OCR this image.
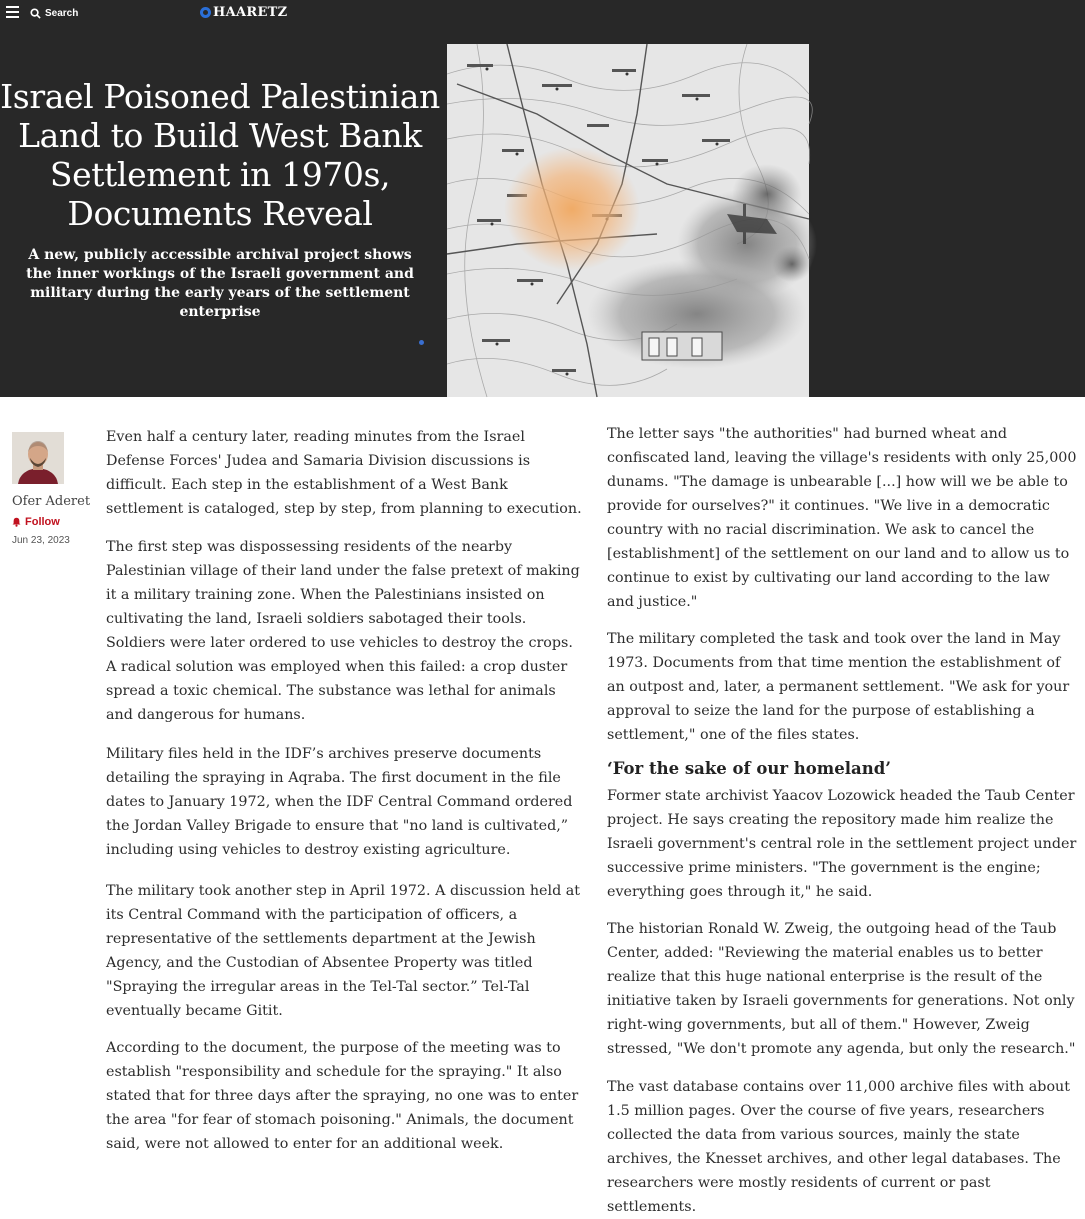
Search	HAARETZ
Israel Poisoned Palestinian Land to Build West Bank Settlement in 1970s, Documents Reveal

A new, publicly accessible archival project shows the inner workings of the Israeli government and military during the early years of the settlement enterprise

Ofer Aderet
Follow
Jun 23, 2023

Even half a century later, reading minutes from the Israel Defense Forces' Judea and Samaria Division discussions is difficult. Each step in the establishment of a West Bank settlement is cataloged, step by step, from planning to execution.

The first step was dispossessing residents of the nearby Palestinian village of their land under the false pretext of making it a military training zone. When the Palestinians insisted on cultivating the land, Israeli soldiers sabotaged their tools. Soldiers were later ordered to use vehicles to destroy the crops. A radical solution was employed when this failed: a crop duster spread a toxic chemical. The substance was lethal for animals and dangerous for humans.

Military files held in the IDF’s archives preserve documents detailing the spraying in Aqraba. The first document in the file dates to January 1972, when the IDF Central Command ordered the Jordan Valley Brigade to ensure that "no land is cultivated,” including using vehicles to destroy existing agriculture.

The military took another step in April 1972. A discussion held at its Central Command with the participation of officers, a representative of the settlements department at the Jewish Agency, and the Custodian of Absentee Property was titled "Spraying the irregular areas in the Tel-Tal sector.” Tel-Tal eventually became Gitit.

According to the document, the purpose of the meeting was to establish "responsibility and schedule for the spraying." It also stated that for three days after the spraying, no one was to enter the area "for fear of stomach poisoning." Animals, the document said, were not allowed to enter for an additional week.

The letter says "the authorities" had burned wheat and confiscated land, leaving the village's residents with only 25,000 dunams. "The damage is unbearable [...] how will we be able to provide for ourselves?" it continues. "We live in a democratic country with no racial discrimination. We ask to cancel the [establishment] of the settlement on our land and to allow us to continue to exist by cultivating our land according to the law and justice."

The military completed the task and took over the land in May 1973. Documents from that time mention the establishment of an outpost and, later, a permanent settlement. "We ask for your approval to seize the land for the purpose of establishing a settlement," one of the files states.

‘For the sake of our homeland’

Former state archivist Yaacov Lozowick headed the Taub Center project. He says creating the repository made him realize the Israeli government's central role in the settlement project under successive prime ministers. "The government is the engine; everything goes through it," he said.

The historian Ronald W. Zweig, the outgoing head of the Taub Center, added: "Reviewing the material enables us to better realize that this huge national enterprise is the result of the initiative taken by Israeli governments for generations. Not only right-wing governments, but all of them." However, Zweig stressed, "We don't promote any agenda, but only the research."

The vast database contains over 11,000 archive files with about 1.5 million pages. Over the course of five years, researchers collected the data from various sources, mainly the state archives, the Knesset archives, and other legal databases. The researchers were mostly residents of current or past settlements.
